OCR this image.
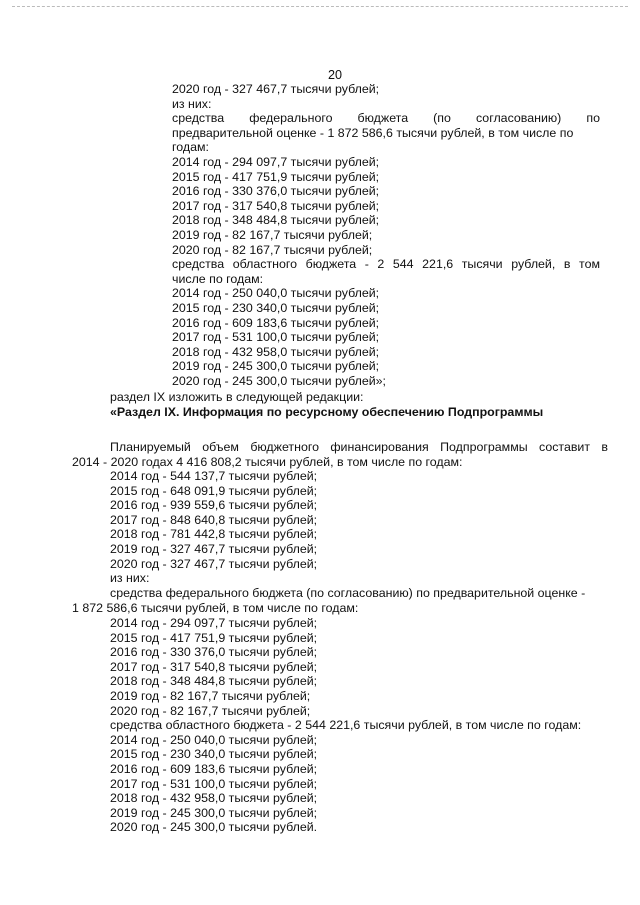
20
2020 год - 327 467,7 тысячи рублей;
из них:
средства федерального бюджета (по согласованию) по
предварительной оценке - 1 872 586,6 тысячи рублей, в том числе по
годам:
2014 год - 294 097,7 тысячи рублей;
2015 год - 417 751,9 тысячи рублей;
2016 год - 330 376,0 тысячи рублей;
2017 год - 317 540,8 тысячи рублей;
2018 год - 348 484,8 тысячи рублей;
2019 год - 82 167,7 тысячи рублей;
2020 год - 82 167,7 тысячи рублей;
средства областного бюджета - 2 544 221,6 тысячи рублей, в том
числе по годам:
2014 год - 250 040,0 тысячи рублей;
2015 год - 230 340,0 тысячи рублей;
2016 год - 609 183,6 тысячи рублей;
2017 год - 531 100,0 тысячи рублей;
2018 год - 432 958,0 тысячи рублей;
2019 год - 245 300,0 тысячи рублей;
2020 год - 245 300,0 тысячи рублей»;
раздел IX изложить в следующей редакции:
«Раздел IX. Информация по ресурсному обеспечению Подпрограммы
Планируемый объем бюджетного финансирования Подпрограммы составит в
2014 - 2020 годах 4 416 808,2 тысячи рублей, в том числе по годам:
2014 год - 544 137,7 тысячи рублей;
2015 год - 648 091,9 тысячи рублей;
2016 год - 939 559,6 тысячи рублей;
2017 год - 848 640,8 тысячи рублей;
2018 год - 781 442,8 тысячи рублей;
2019 год - 327 467,7 тысячи рублей;
2020 год - 327 467,7 тысячи рублей;
из них:
средства федерального бюджета (по согласованию) по предварительной оценке -
1 872 586,6 тысячи рублей, в том числе по годам:
2014 год - 294 097,7 тысячи рублей;
2015 год - 417 751,9 тысячи рублей;
2016 год - 330 376,0 тысячи рублей;
2017 год - 317 540,8 тысячи рублей;
2018 год - 348 484,8 тысячи рублей;
2019 год - 82 167,7 тысячи рублей;
2020 год - 82 167,7 тысячи рублей;
средства областного бюджета - 2 544 221,6 тысячи рублей, в том числе по годам:
2014 год - 250 040,0 тысячи рублей;
2015 год - 230 340,0 тысячи рублей;
2016 год - 609 183,6 тысячи рублей;
2017 год - 531 100,0 тысячи рублей;
2018 год - 432 958,0 тысячи рублей;
2019 год - 245 300,0 тысячи рублей;
2020 год - 245 300,0 тысячи рублей.
